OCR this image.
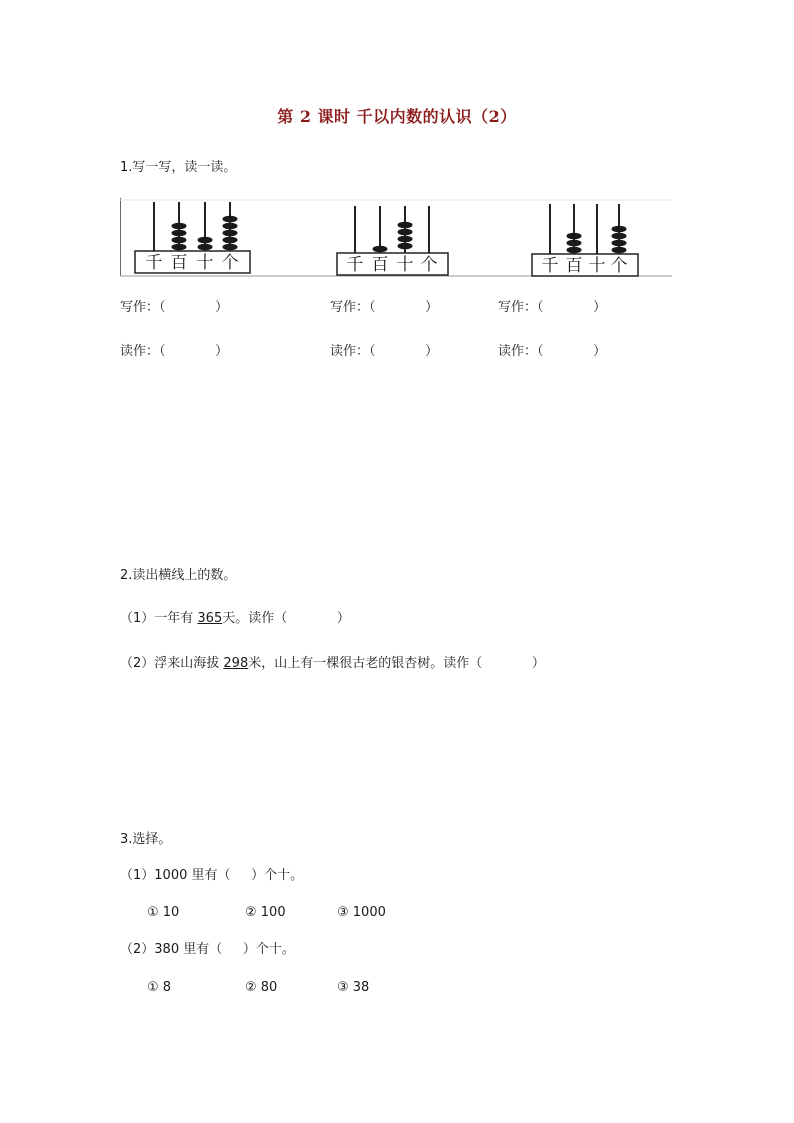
第 2 课时 千以内数的认识（2）
1.写一写，读一读。
千 百 十 个	千 百 十 个	千 百 十 个
写作：（            ）	写作：（            ）	写作：（            ）
读作：（            ）	读作：（            ）	读作：（            ）
2.读出横线上的数。
（1）一年有 365天。读作（            ）
（2）浮来山海拔 298米，山上有一棵很古老的银杏树。读作（            ）
3.选择。
（1）1000 里有（     ）个十。
① 10	② 100	③ 1000
（2）380 里有（     ）个十。
① 8	② 80	③ 38
